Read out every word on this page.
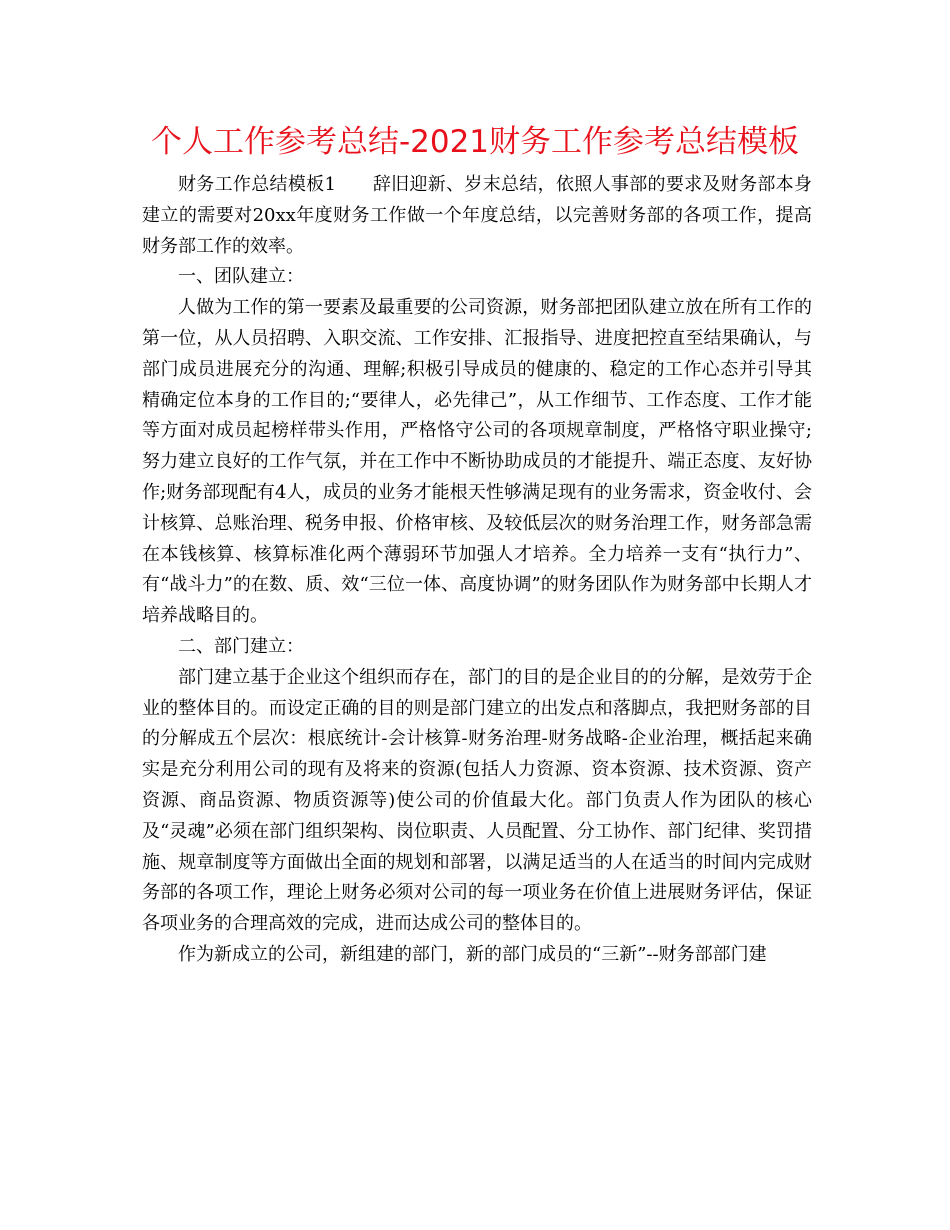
个人工作参考总结-2021财务工作参考总结模板

财务工作总结模板1　　辞旧迎新、岁末总结，依照人事部的要求及财务部本身建立的需要对20xx年度财务工作做一个年度总结，以完善财务部的各项工作，提高财务部工作的效率。

一、团队建立：

人做为工作的第一要素及最重要的公司资源，财务部把团队建立放在所有工作的第一位，从人员招聘、入职交流、工作安排、汇报指导、进度把控直至结果确认，与部门成员进展充分的沟通、理解;积极引导成员的健康的、稳定的工作心态并引导其精确定位本身的工作目的;“要律人，必先律己”，从工作细节、工作态度、工作才能等方面对成员起榜样带头作用，严格恪守公司的各项规章制度，严格恪守职业操守;努力建立良好的工作气氛，并在工作中不断协助成员的才能提升、端正态度、友好协作;财务部现配有4人，成员的业务才能根天性够满足现有的业务需求，资金收付、会计核算、总账治理、税务申报、价格审核、及较低层次的财务治理工作，财务部急需在本钱核算、核算标准化两个薄弱环节加强人才培养。全力培养一支有“执行力”、有“战斗力”的在数、质、效“三位一体、高度协调”的财务团队作为财务部中长期人才培养战略目的。

二、部门建立：

部门建立基于企业这个组织而存在，部门的目的是企业目的的分解，是效劳于企业的整体目的。而设定正确的目的则是部门建立的出发点和落脚点，我把财务部的目的分解成五个层次：根底统计-会计核算-财务治理-财务战略-企业治理，概括起来确实是充分利用公司的现有及将来的资源(包括人力资源、资本资源、技术资源、资产资源、商品资源、物质资源等)使公司的价值最大化。部门负责人作为团队的核心及“灵魂”必须在部门组织架构、岗位职责、人员配置、分工协作、部门纪律、奖罚措施、规章制度等方面做出全面的规划和部署，以满足适当的人在适当的时间内完成财务部的各项工作，理论上财务必须对公司的每一项业务在价值上进展财务评估，保证各项业务的合理高效的完成，进而达成公司的整体目的。

作为新成立的公司，新组建的部门，新的部门成员的“三新”--财务部部门建
